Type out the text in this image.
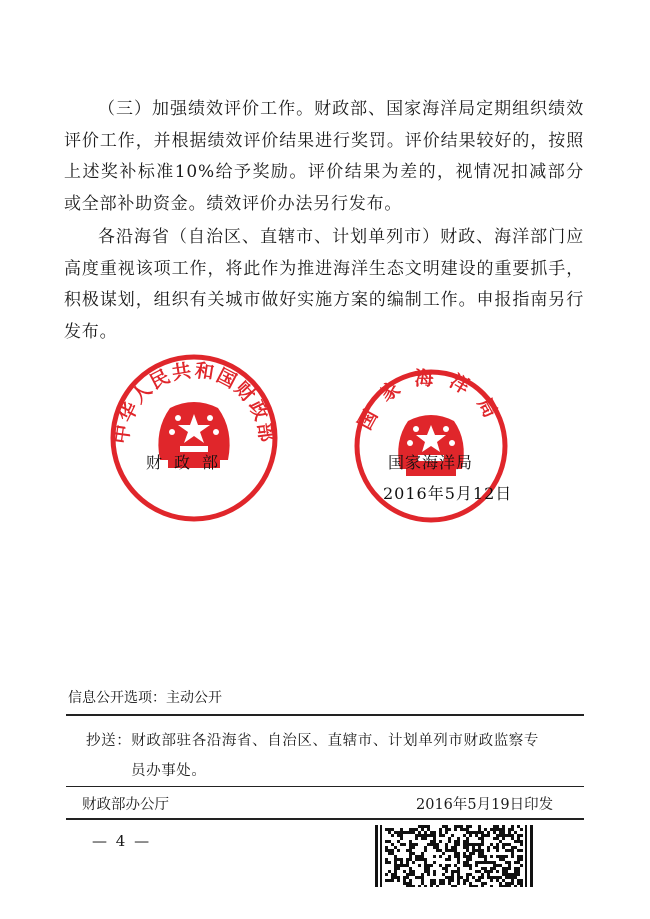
（三）加强绩效评价工作。财政部、国家海洋局定期组织绩效评价工作，并根据绩效评价结果进行奖罚。评价结果较好的，按照上述奖补标准10%给予奖励。评价结果为差的，视情况扣减部分或全部补助资金。绩效评价办法另行发布。

各沿海省（自治区、直辖市、计划单列市）财政、海洋部门应高度重视该项工作，将此作为推进海洋生态文明建设的重要抓手，积极谋划，组织有关城市做好实施方案的编制工作。申报指南另行发布。

中华人民共和国财政部	国家海洋局
财政部	国家海洋局
2016年5月12日
信息公开选项：主动公开
抄送：财政部驻各沿海省、自治区、直辖市、计划单列市财政监察专
员办事处。
财政部办公厅	2016年5月19日印发
— 4 —
